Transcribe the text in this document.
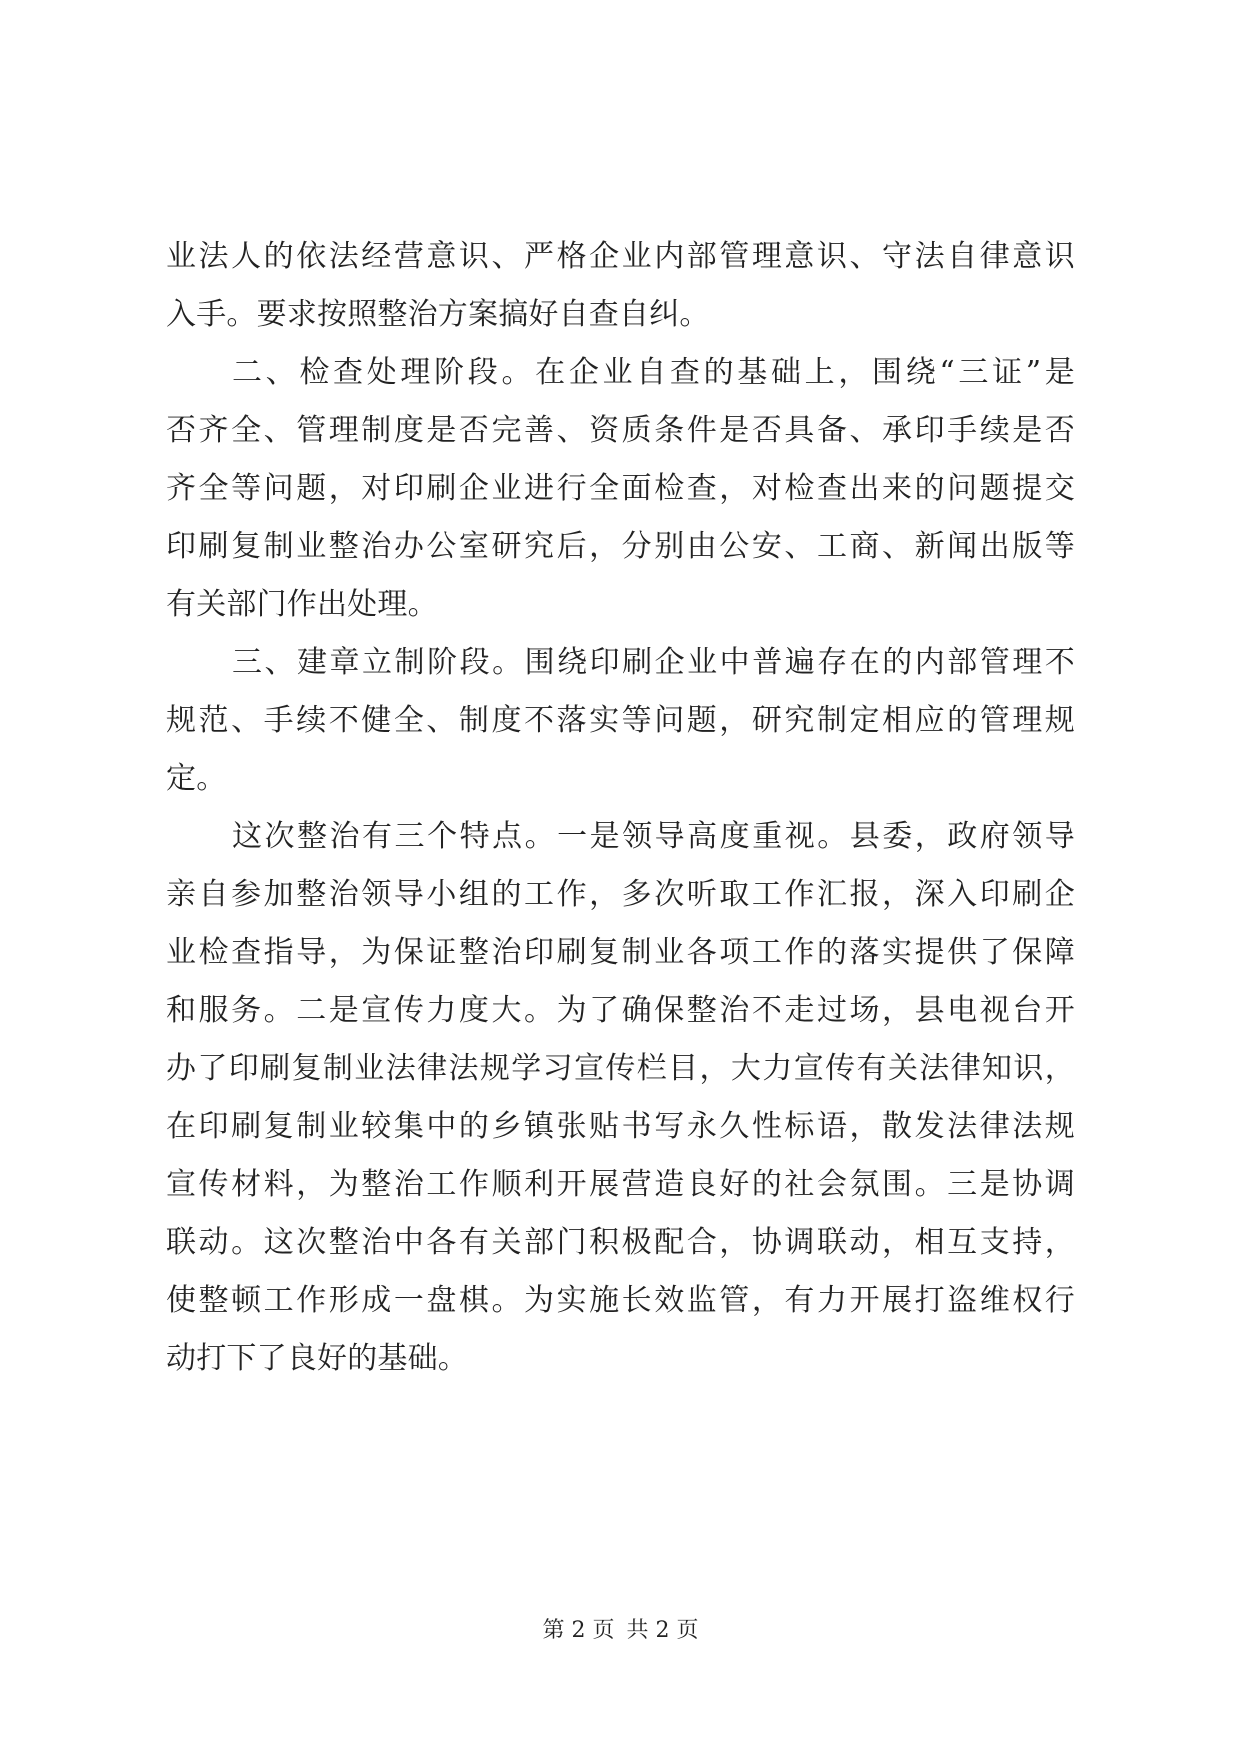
业法人的依法经营意识、严格企业内部管理意识、守法自律意识
入手。要求按照整治方案搞好自查自纠。
二、检查处理阶段。在企业自查的基础上，围绕“三证”是
否齐全、管理制度是否完善、资质条件是否具备、承印手续是否
齐全等问题，对印刷企业进行全面检查，对检查出来的问题提交
印刷复制业整治办公室研究后，分别由公安、工商、新闻出版等
有关部门作出处理。
三、建章立制阶段。围绕印刷企业中普遍存在的内部管理不
规范、手续不健全、制度不落实等问题，研究制定相应的管理规
定。
这次整治有三个特点。一是领导高度重视。县委，政府领导
亲自参加整治领导小组的工作，多次听取工作汇报，深入印刷企
业检查指导，为保证整治印刷复制业各项工作的落实提供了保障
和服务。二是宣传力度大。为了确保整治不走过场，县电视台开
办了印刷复制业法律法规学习宣传栏目，大力宣传有关法律知识，
在印刷复制业较集中的乡镇张贴书写永久性标语，散发法律法规
宣传材料，为整治工作顺利开展营造良好的社会氛围。三是协调
联动。这次整治中各有关部门积极配合，协调联动，相互支持，
使整顿工作形成一盘棋。为实施长效监管，有力开展打盗维权行
动打下了良好的基础。
第 2 页 共 2 页
